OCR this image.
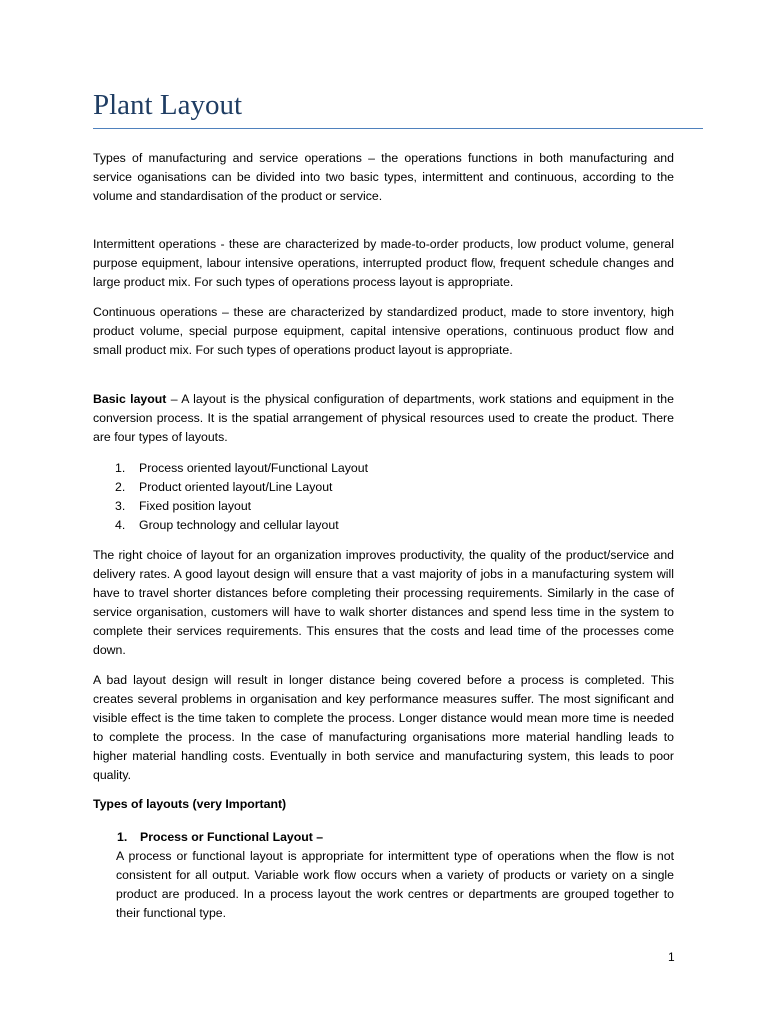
Plant Layout

Types of manufacturing and service operations – the operations functions in both manufacturing and service oganisations can be divided into two basic types, intermittent and continuous, according to the volume and standardisation of the product or service.

Intermittent operations - these are characterized by made-to-order products, low product volume, general purpose equipment, labour intensive operations, interrupted product flow, frequent schedule changes and large product mix. For such types of operations process layout is appropriate.

Continuous operations – these are characterized by standardized product, made to store inventory, high product volume, special purpose equipment, capital intensive operations, continuous product flow and small product mix. For such types of operations product layout is appropriate.

Basic layout – A layout is the physical configuration of departments, work stations and equipment in the conversion process. It is the spatial arrangement of physical resources used to create the product. There are four types of layouts.

1. Process oriented layout/Functional Layout
2. Product oriented layout/Line Layout
3. Fixed position layout
4. Group technology and cellular layout

The right choice of layout for an organization improves productivity, the quality of the product/service and delivery rates. A good layout design will ensure that a vast majority of jobs in a manufacturing system will have to travel shorter distances before completing their processing requirements. Similarly in the case of service organisation, customers will have to walk shorter distances and spend less time in the system to complete their services requirements. This ensures that the costs and lead time of the processes come down.

A bad layout design will result in longer distance being covered before a process is completed. This creates several problems in organisation and key performance measures suffer. The most significant and visible effect is the time taken to complete the process. Longer distance would mean more time is needed to complete the process. In the case of manufacturing organisations more material handling leads to higher material handling costs. Eventually in both service and manufacturing system, this leads to poor quality.

Types of layouts (very Important)

1. Process or Functional Layout –

A process or functional layout is appropriate for intermittent type of operations when the flow is not consistent for all output. Variable work flow occurs when a variety of products or variety on a single product are produced. In a process layout the work centres or departments are grouped together to their functional type.

1
